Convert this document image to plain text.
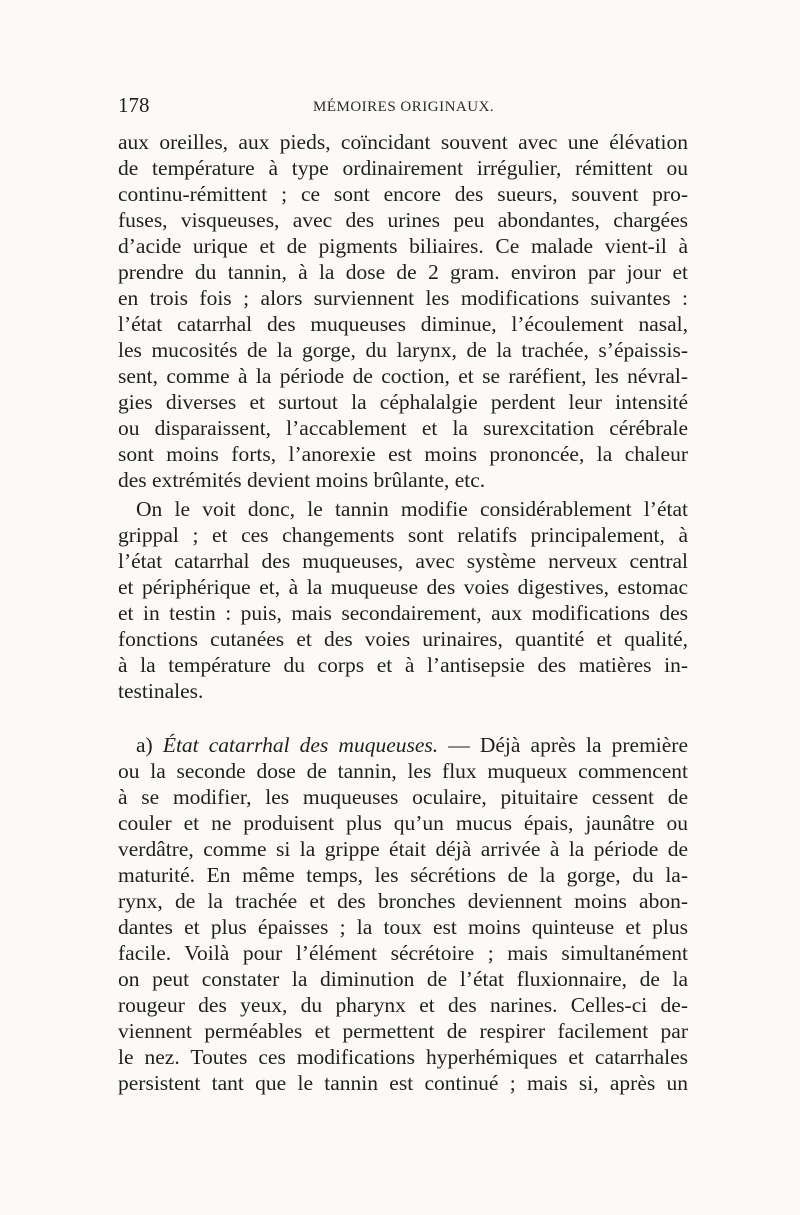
178	MÉMOIRES ORIGINAUX.
aux oreilles, aux pieds, coïncidant souvent avec une élévation
de température à type ordinairement irrégulier, rémittent ou
continu-rémittent ; ce sont encore des sueurs, souvent pro-
fuses, visqueuses, avec des urines peu abondantes, chargées
d’acide urique et de pigments biliaires. Ce malade vient-il à
prendre du tannin, à la dose de 2 gram. environ par jour et
en trois fois ; alors surviennent les modifications suivantes :
l’état catarrhal des muqueuses diminue, l’écoulement nasal,
les mucosités de la gorge, du larynx, de la trachée, s’épaissis-
sent, comme à la période de coction, et se raréfient, les névral-
gies diverses et surtout la céphalalgie perdent leur intensité
ou disparaissent, l’accablement et la surexcitation cérébrale
sont moins forts, l’anorexie est moins prononcée, la chaleur
des extrémités devient moins brûlante, etc.
On le voit donc, le tannin modifie considérablement l’état
grippal ; et ces changements sont relatifs principalement, à
l’état catarrhal des muqueuses, avec système nerveux central
et périphérique et, à la muqueuse des voies digestives, estomac
et in testin : puis, mais secondairement, aux modifications des
fonctions cutanées et des voies urinaires, quantité et qualité,
à la température du corps et à l’antisepsie des matières in-
testinales.
a) État catarrhal des muqueuses. — Déjà après la première
ou la seconde dose de tannin, les flux muqueux commencent
à se modifier, les muqueuses oculaire, pituitaire cessent de
couler et ne produisent plus qu’un mucus épais, jaunâtre ou
verdâtre, comme si la grippe était déjà arrivée à la période de
maturité. En même temps, les sécrétions de la gorge, du la-
rynx, de la trachée et des bronches deviennent moins abon-
dantes et plus épaisses ; la toux est moins quinteuse et plus
facile. Voilà pour l’élément sécrétoire ; mais simultanément
on peut constater la diminution de l’état fluxionnaire, de la
rougeur des yeux, du pharynx et des narines. Celles-ci de-
viennent perméables et permettent de respirer facilement par
le nez. Toutes ces modifications hyperhémiques et catarrhales
persistent tant que le tannin est continué ; mais si, après un
